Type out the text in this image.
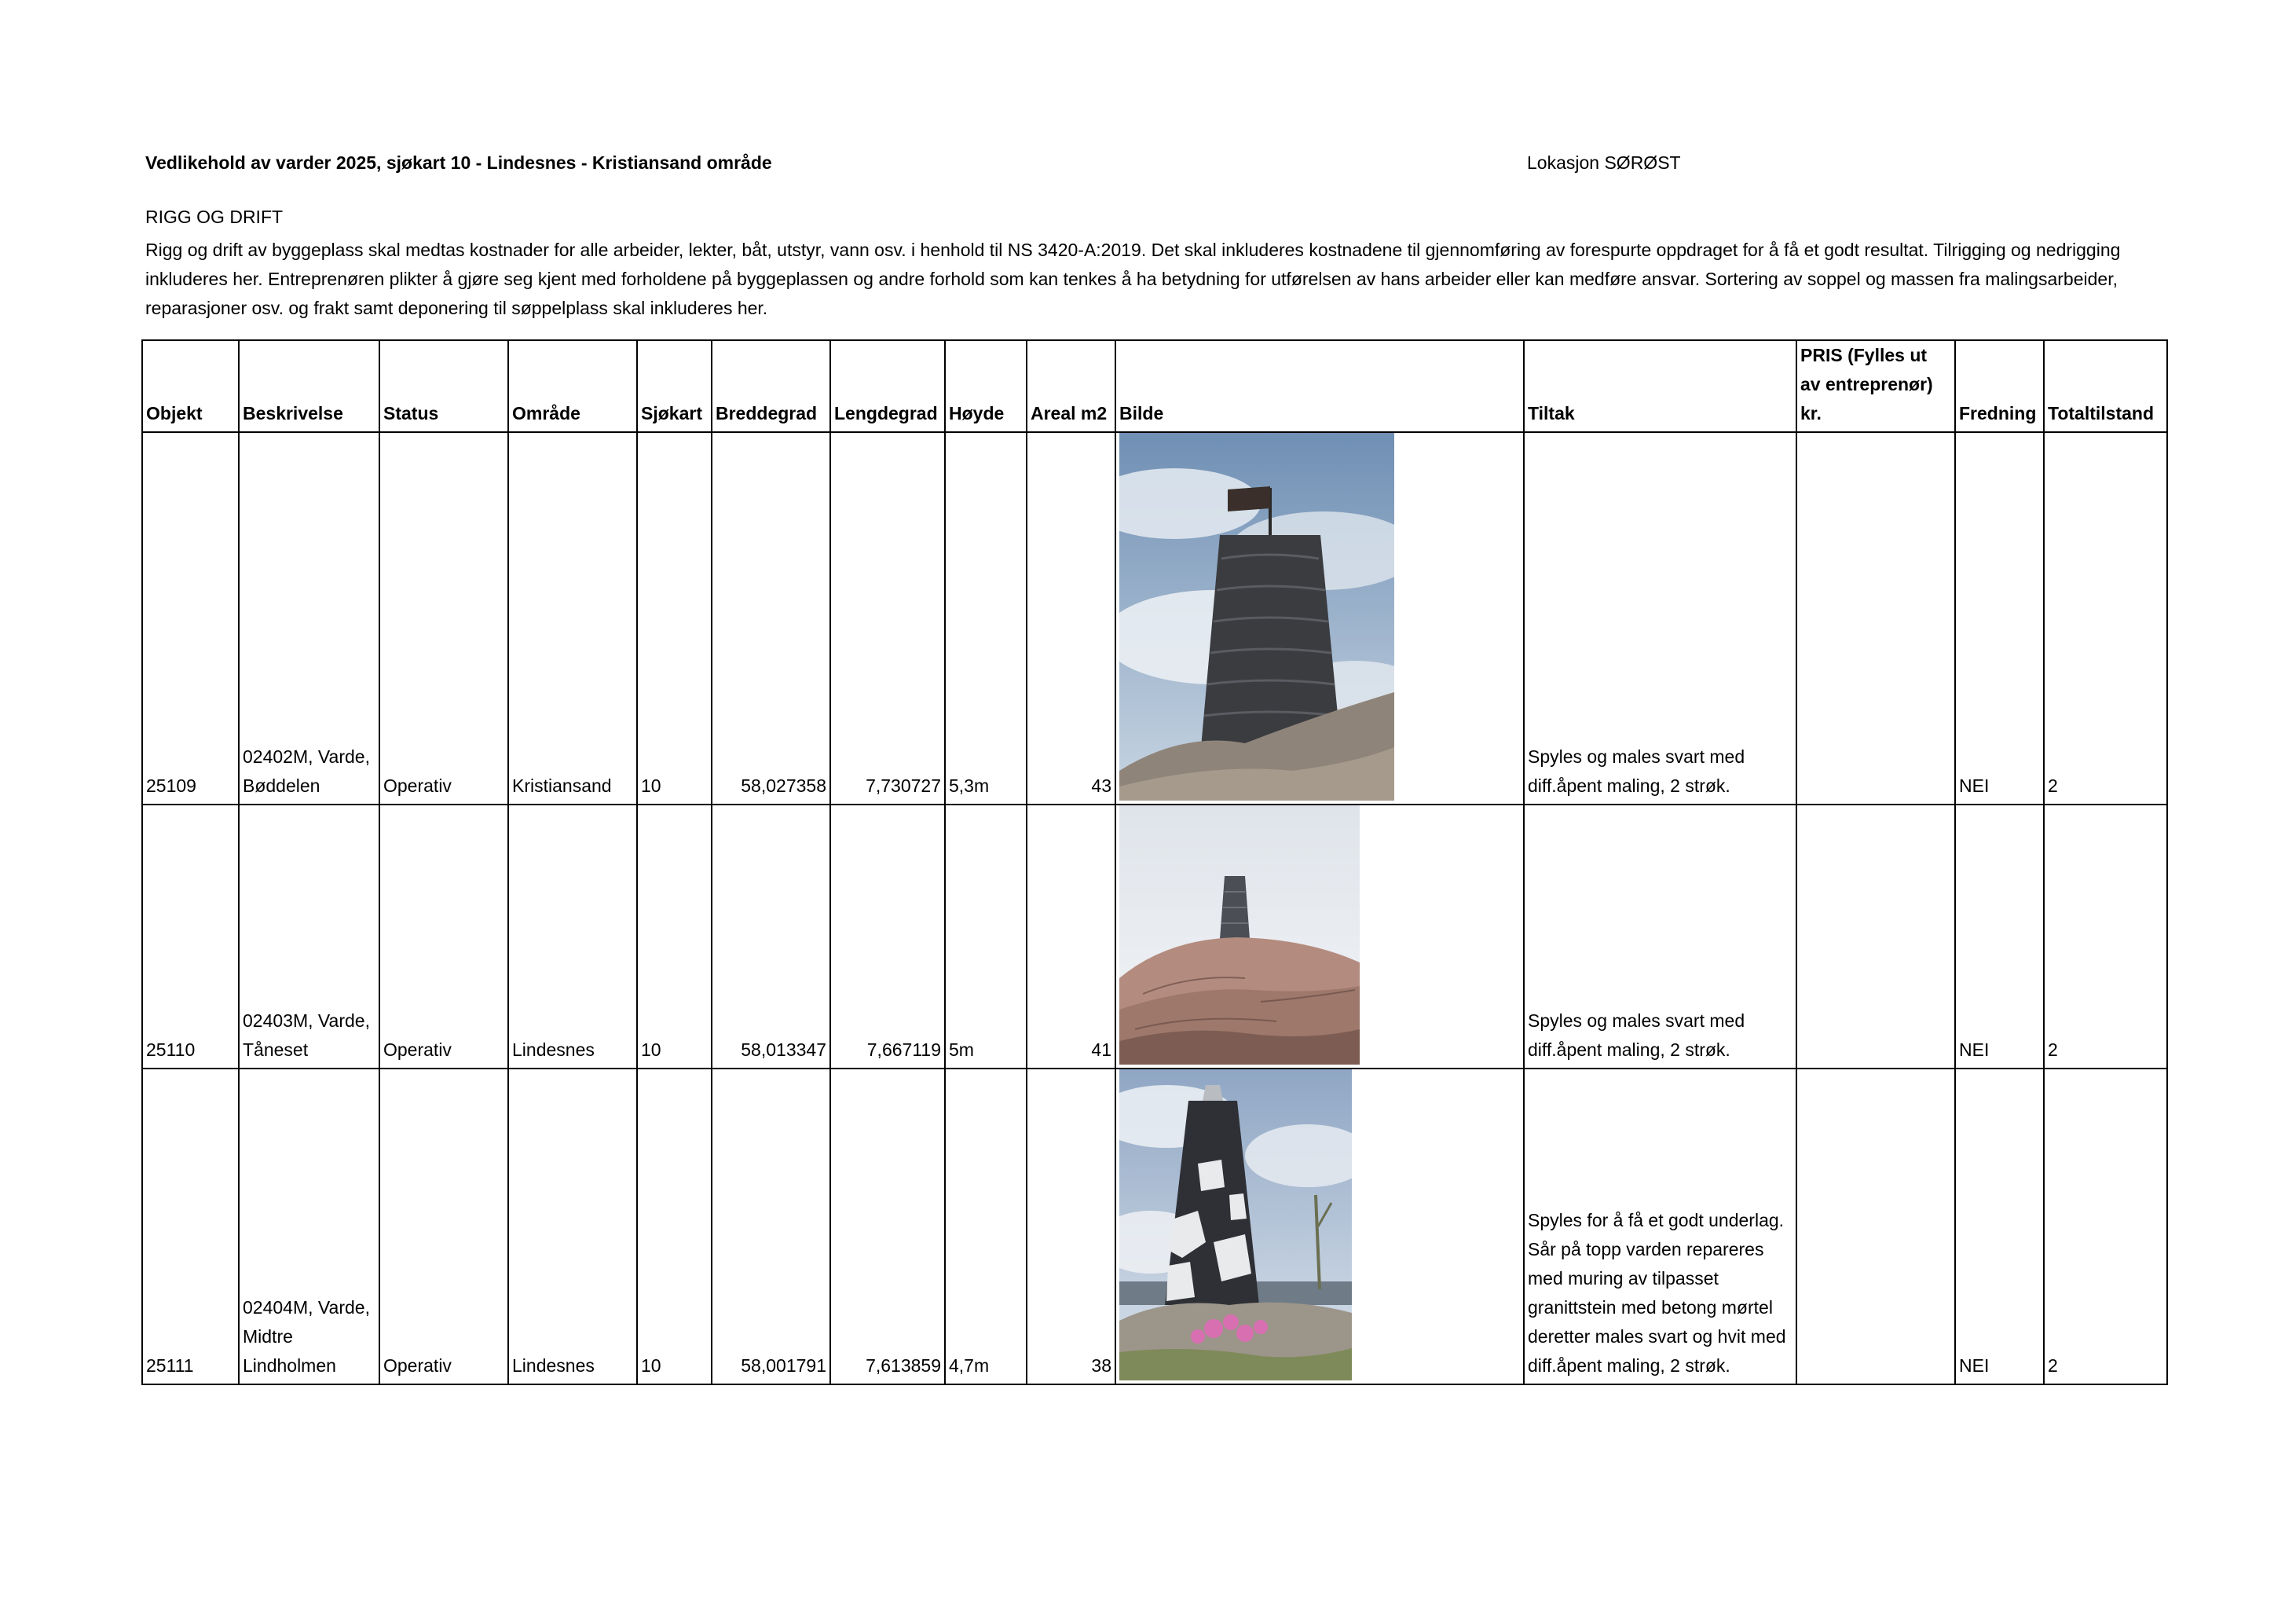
Vedlikehold av varder 2025, sjøkart 10 - Lindesnes - Kristiansand område	Lokasjon SØRØST
RIGG OG DRIFT
Rigg og drift av byggeplass skal medtas kostnader for alle arbeider, lekter, båt, utstyr, vann osv. i henhold til NS 3420-A:2019. Det skal inkluderes kostnadene til gjennomføring av forespurte oppdraget for å få et godt resultat. Tilrigging og nedrigging inkluderes her. Entreprenøren plikter å gjøre seg kjent med forholdene på byggeplassen og andre forhold som kan tenkes å ha betydning for utførelsen av hans arbeider eller kan medføre ansvar. Sortering av soppel og massen fra malingsarbeider, reparasjoner osv. og frakt samt deponering til søppelplass skal inkluderes her.
Objekt	Beskrivelse	Status	Område	Sjøkart	Breddegrad	Lengdegrad	Høyde	Areal m2	Bilde	Tiltak	PRIS (Fylles ut av entreprenør) kr.	Fredning	Totaltilstand
25109	02402M, Varde, Bøddelen	Operativ	Kristiansand	10	58,027358	7,730727	5,3m	43		Spyles og males svart med diff.åpent maling, 2 strøk.		NEI	2
25110	02403M, Varde, Tåneset	Operativ	Lindesnes	10	58,013347	7,667119	5m	41		Spyles og males svart med diff.åpent maling, 2 strøk.		NEI	2
25111	02404M, Varde, Midtre Lindholmen	Operativ	Lindesnes	10	58,001791	7,613859	4,7m	38		Spyles for å få et godt underlag. Sår på topp varden repareres med muring av tilpasset granittstein med betong mørtel deretter males svart og hvit med diff.åpent maling, 2 strøk.		NEI	2
